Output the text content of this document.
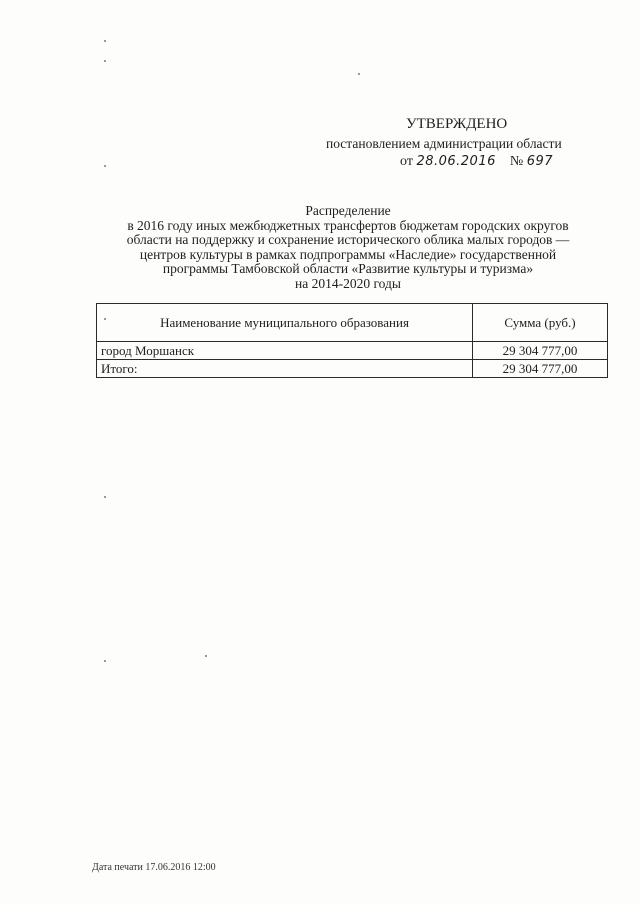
УТВЕРЖДЕНО
постановлением администрации области
от 28.06.2016 № 697
Распределение
в 2016 году иных межбюджетных трансфертов бюджетам городских округов
области на поддержку и сохранение исторического облика малых городов —
центров культуры в рамках подпрограммы «Наследие» государственной
программы Тамбовской области «Развитие культуры и туризма»
на 2014-2020 годы
Наименование муниципального образования	Сумма (руб.)
город Моршанск	29 304 777,00
Итого:	29 304 777,00
Дата печати 17.06.2016 12:00
